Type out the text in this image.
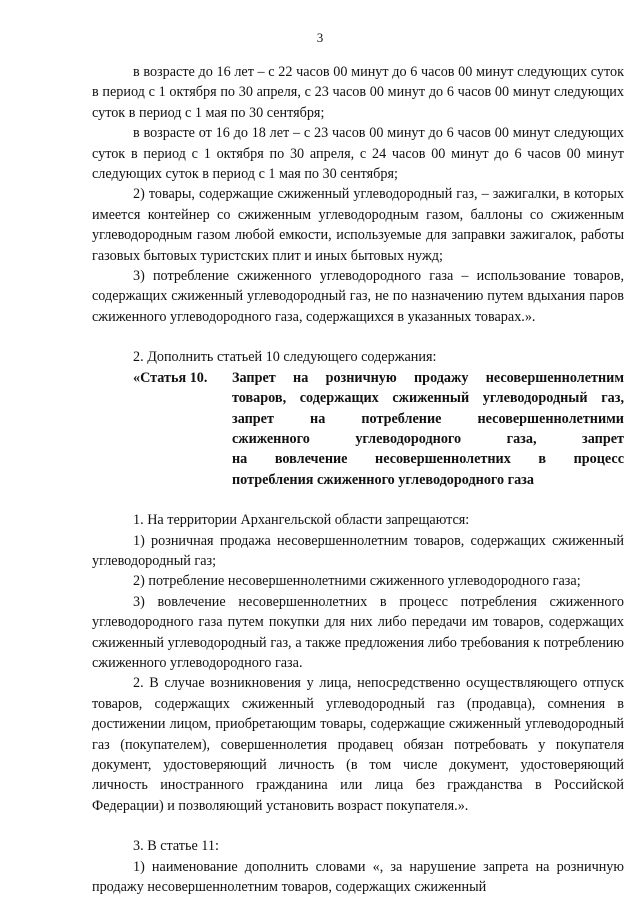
3

в возрасте до 16 лет – с 22 часов 00 минут до 6 часов 00 минут следующих суток в период с 1 октября по 30 апреля, с 23 часов 00 минут до 6 часов 00 минут следующих суток в период с 1 мая по 30 сентября;

в возрасте от 16 до 18 лет – с 23 часов 00 минут до 6 часов 00 минут следующих суток в период с 1 октября по 30 апреля, с 24 часов 00 минут до 6 часов 00 минут следующих суток в период с 1 мая по 30 сентября;

2) товары, содержащие сжиженный углеводородный газ, – зажигалки, в которых имеется контейнер со сжиженным углеводородным газом, баллоны со сжиженным углеводородным газом любой емкости, используемые для заправки зажигалок, работы газовых бытовых туристских плит и иных бытовых нужд;

3) потребление сжиженного углеводородного газа – использование товаров, содержащих сжиженный углеводородный газ, не по назначению путем вдыхания паров сжиженного углеводородного газа, содержащихся в указанных товарах.».

2. Дополнить статьей 10 следующего содержания:

«Статья 10.	Запрет на розничную продажу несовершеннолетним
товаров, содержащих сжиженный углеводородный газ,
запрет на потребление несовершеннолетними
сжиженного углеводородного газа, запрет
на вовлечение несовершеннолетних в процесс
потребления сжиженного углеводородного газа

1. На территории Архангельской области запрещаются:

1) розничная продажа несовершеннолетним товаров, содержащих сжиженный углеводородный газ;

2) потребление несовершеннолетними сжиженного углеводородного газа;

3) вовлечение несовершеннолетних в процесс потребления сжиженного углеводородного газа путем покупки для них либо передачи им товаров, содержащих сжиженный углеводородный газ, а также предложения либо требования к потреблению сжиженного углеводородного газа.

2. В случае возникновения у лица, непосредственно осуществляющего отпуск товаров, содержащих сжиженный углеводородный газ (продавца), сомнения в достижении лицом, приобретающим товары, содержащие сжиженный углеводородный газ (покупателем), совершеннолетия продавец обязан потребовать у покупателя документ, удостоверяющий личность (в том числе документ, удостоверяющий личность иностранного гражданина или лица без гражданства в Российской Федерации) и позволяющий установить возраст покупателя.».

3. В статье 11:

1) наименование дополнить словами «, за нарушение запрета на розничную продажу несовершеннолетним товаров, содержащих сжиженный
